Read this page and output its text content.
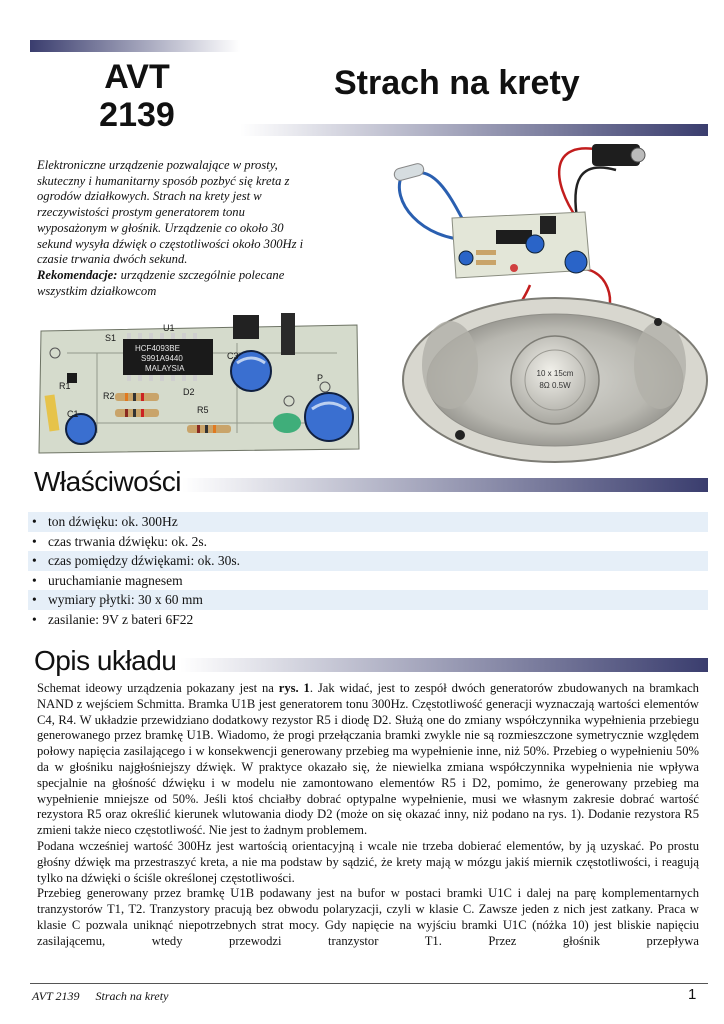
AVT
2139
Strach na krety
Elektroniczne urządzenie pozwalające w prosty,
skuteczny i humanitarny sposób pozbyć się kreta z
ogrodów działkowych. Strach na krety jest w
rzeczywistości prostym generatorem tonu
wyposażonym w głośnik. Urządzenie co około 30
sekund wysyła dźwięk o częstotliwości około 300Hz i
czasie trwania dwóch sekund.
Rekomendacje: urządzenie szczególnie polecane
wszystkim działkowcom
10 x 15cm
8Ω 0.5W
HCF4093BE
S991A9440
MALAYSIA
S1
U1
C3
R2	D2
R5
R1
P
C1
Właściwości
• ton dźwięku: ok. 300Hz
• czas trwania dźwięku: ok. 2s.
• czas pomiędzy dźwiękami: ok. 30s.
• uruchamianie magnesem
• wymiary płytki: 30 x 60 mm
• zasilanie: 9V z bateri 6F22
Opis układu

Schemat ideowy urządzenia pokazany jest na rys. 1. Jak widać, jest to zespół dwóch generatorów zbudowanych na bramkach NAND z wejściem Schmitta. Bramka U1B jest generatorem tonu 300Hz. Częstotliwość generacji wyznaczają wartości elementów C4, R4. W układzie przewidziano dodatkowy rezystor R5 i diodę D2. Służą one do zmiany współczynnika wypełnienia przebiegu generowanego przez bramkę U1B. Wiadomo, że progi przełączania bramki zwykle nie są rozmieszczone symetrycznie względem połowy napięcia zasilającego i w konsekwencji generowany przebieg ma wypełnienie inne, niż 50%. Przebieg o wypełnieniu 50% da w głośniku najgłośniejszy dźwięk. W praktyce okazało się, że niewielka zmiana współczynnika wypełnienia nie wpływa specjalnie na głośność dźwięku i w modelu nie zamontowano elementów R5 i D2, pomimo, że generowany przebieg ma wypełnienie mniejsze od 50%. Jeśli ktoś chciałby dobrać optypalne wypełnienie, musi we własnym zakresie dobrać wartość rezystora R5 oraz określić kierunek wlutowania diody D2 (może on się okazać inny, niż podano na rys. 1). Dodanie rezystora R5 zmieni także nieco częstotliwość. Nie jest to żadnym problemem.

Podana wcześniej wartość 300Hz jest wartością orientacyjną i wcale nie trzeba dobierać elementów, by ją uzyskać. Po prostu głośny dźwięk ma przestraszyć kreta, a nie ma podstaw by sądzić, że krety mają w mózgu jakiś miernik częstotliwości, i reagują tylko na dźwięki o ściśle określonej częstotliwości.

Przebieg generowany przez bramkę U1B podawany jest na bufor w postaci bramki U1C i dalej na parę komplementarnych tranzystorów T1, T2. Tranzystory pracują bez obwodu polaryzacji, czyli w klasie C. Zawsze jeden z nich jest zatkany. Praca w klasie C pozwala uniknąć niepotrzebnych strat mocy. Gdy napięcie na wyjściu bramki U1C (nóżka 10) jest bliskie napięciu zasilającemu, wtedy przewodzi tranzystor T1. Przez głośnik przepływa

AVT 2139 Strach na krety	1
